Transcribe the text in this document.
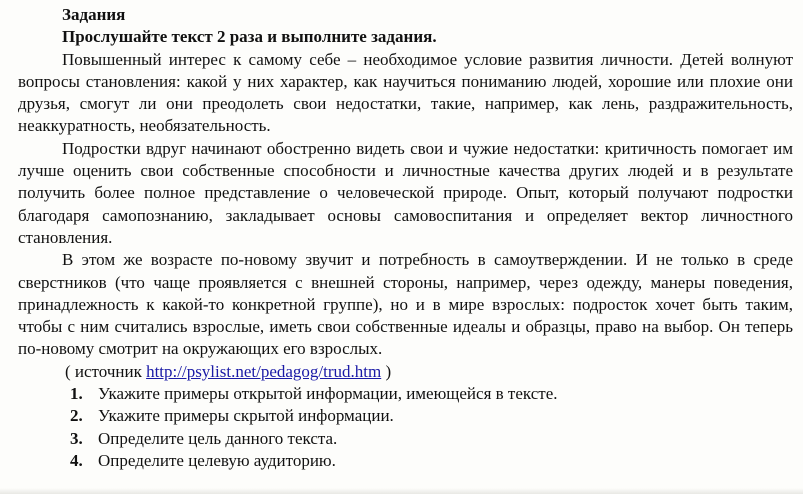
Задания
Прослушайте текст 2 раза и выполните задания.

Повышенный интерес к самому себе – необходимое условие развития личности. Детей волнуют вопросы становления: какой у них характер, как научиться пониманию людей, хорошие или плохие они друзья, смогут ли они преодолеть свои недостатки, такие, например, как лень, раздражительность, неаккуратность, необязательность.

Подростки вдруг начинают обостренно видеть свои и чужие недостатки: критичность помогает им лучше оценить свои собственные способности и личностные качества других людей и в результате получить более полное представление о человеческой природе. Опыт, который получают подростки благодаря самопознанию, закладывает основы самовоспитания и определяет вектор личностного становления.

В этом же возрасте по-новому звучит и потребность в самоутверждении. И не только в среде сверстников (что чаще проявляется с внешней стороны, например, через одежду, манеры поведения, принадлежность к какой-то конкретной группе), но и в мире взрослых: подросток хочет быть таким, чтобы с ним считались взрослые, иметь свои собственные идеалы и образцы, право на выбор. Он теперь по-новому смотрит на окружающих его взрослых.

( источник http://psylist.net/pedagog/trud.htm )
1. Укажите примеры открытой информации, имеющейся в тексте.
2. Укажите примеры скрытой информации.
3. Определите цель данного текста.
4. Определите целевую аудиторию.
